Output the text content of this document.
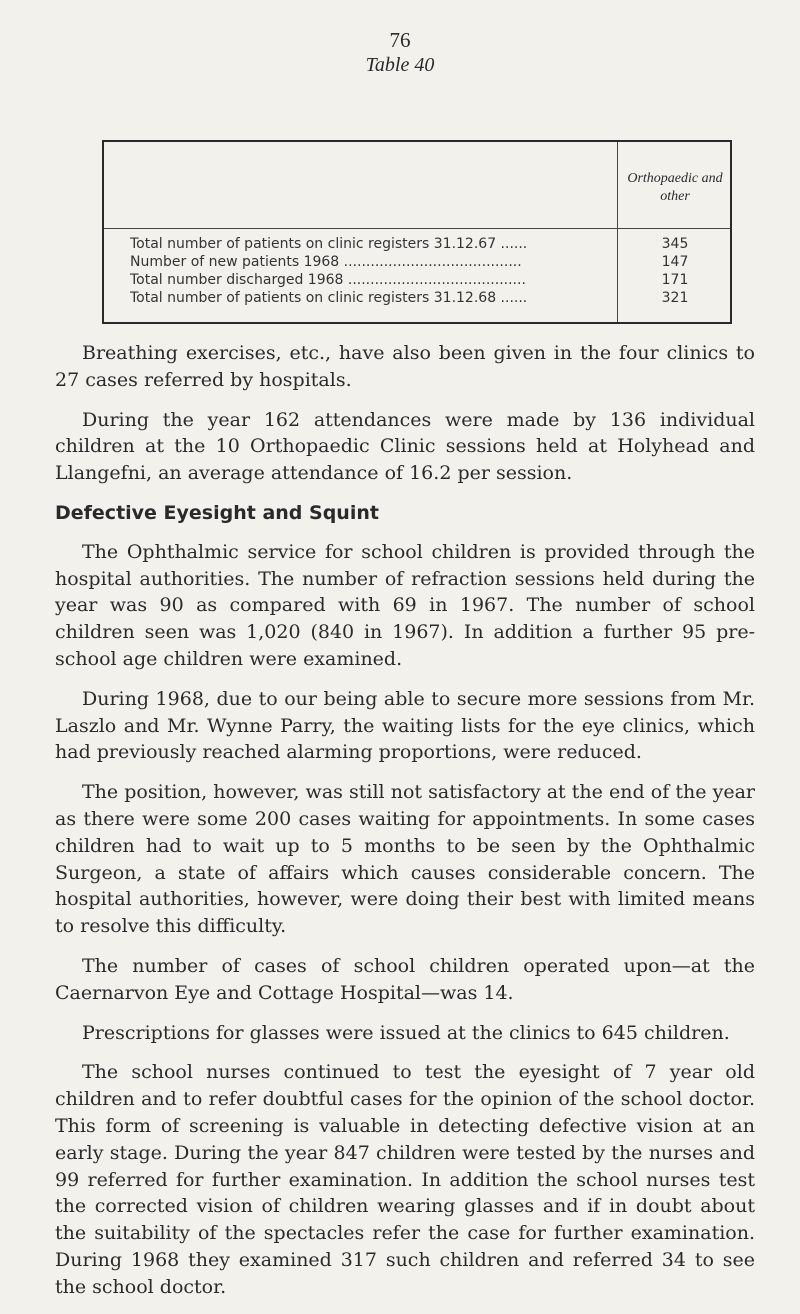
76
Table 40
Orthopaedic and other
Total number of patients on clinic registers 31.12.67 ......	345
Number of new patients 1968 ........................................	147
Total number discharged 1968 ........................................	171
Total number of patients on clinic registers 31.12.68 ......	321

Breathing exercises, etc., have also been given in the four clinics to 27 cases referred by hospitals.

During the year 162 attendances were made by 136 individual children at the 10 Orthopaedic Clinic sessions held at Holyhead and Llangefni, an average attendance of 16.2 per session.

Defective Eyesight and Squint

The Ophthalmic service for school children is provided through the hospital authorities. The number of refraction sessions held during the year was 90 as compared with 69 in 1967. The number of school children seen was 1,020 (840 in 1967). In addition a further 95 pre-school age children were examined.

During 1968, due to our being able to secure more sessions from Mr. Laszlo and Mr. Wynne Parry, the waiting lists for the eye clinics, which had previously reached alarming proportions, were reduced.

The position, however, was still not satisfactory at the end of the year as there were some 200 cases waiting for appointments. In some cases children had to wait up to 5 months to be seen by the Ophthalmic Surgeon, a state of affairs which causes considerable concern. The hospital authorities, however, were doing their best with limited means to resolve this difficulty.

The number of cases of school children operated upon—at the Caernarvon Eye and Cottage Hospital—was 14.

Prescriptions for glasses were issued at the clinics to 645 children.

The school nurses continued to test the eyesight of 7 year old children and to refer doubtful cases for the opinion of the school doctor. This form of screening is valuable in detecting defective vision at an early stage. During the year 847 children were tested by the nurses and 99 referred for further examination. In addition the school nurses test the corrected vision of children wearing glasses and if in doubt about the suitability of the spectacles refer the case for further examination. During 1968 they examined 317 such children and referred 34 to see the school doctor.
